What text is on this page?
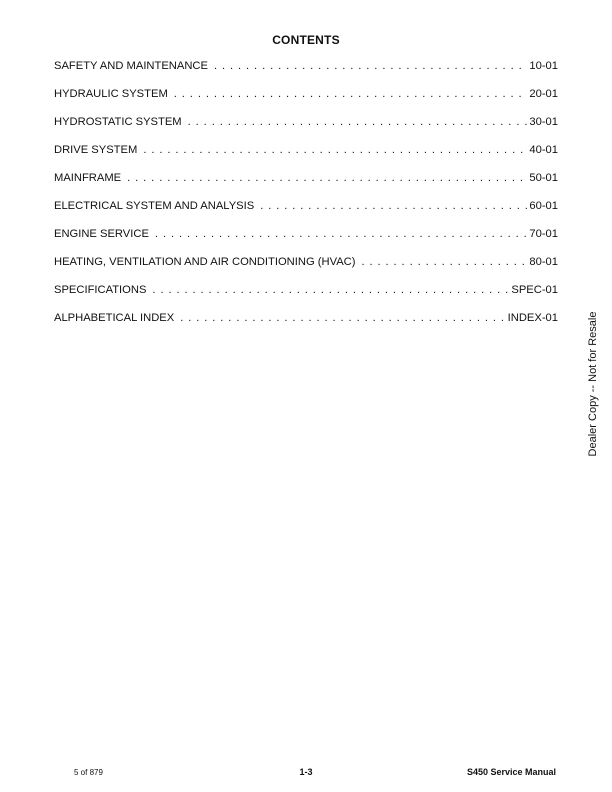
CONTENTS
SAFETY AND MAINTENANCE . . .	10-01
HYDRAULIC SYSTEM . . .	20-01
HYDROSTATIC SYSTEM . . .	30-01
DRIVE SYSTEM . . .	40-01
MAINFRAME . . .	50-01
ELECTRICAL SYSTEM AND ANALYSIS . . .	60-01
ENGINE SERVICE . . .	70-01
HEATING, VENTILATION AND AIR CONDITIONING (HVAC) . . .	80-01
SPECIFICATIONS . . .	SPEC-01
ALPHABETICAL INDEX . . .	INDEX-01	Dealer Copy -- Not for Resale
5 of 879	1-3	S450 Service Manual
